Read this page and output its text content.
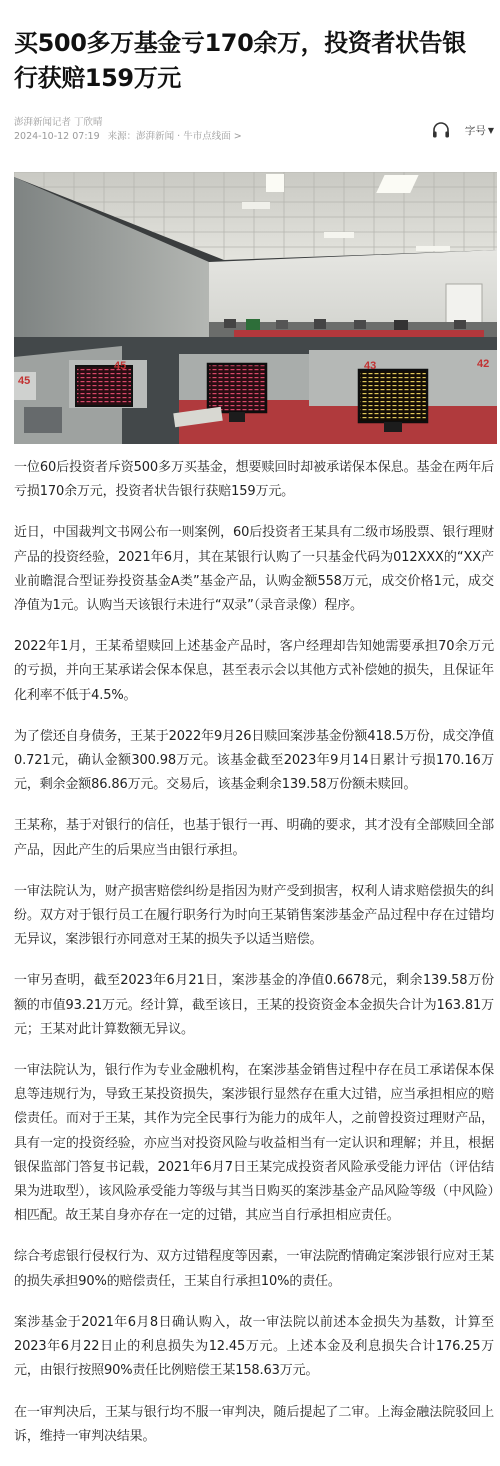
买500多万基金亏170余万，投资者状告银行获赔159万元
澎湃新闻记者 丁欣晴
2024-10-12 07:19 来源：澎湃新闻 · 牛市点线面 >	字号 ▼
45
45	43	42

一位60后投资者斥资500多万买基金，想要赎回时却被承诺保本保息。基金在两年后亏损170余万元，投资者状告银行获赔159万元。

近日，中国裁判文书网公布一则案例，60后投资者王某具有二级市场股票、银行理财产品的投资经验，2021年6月，其在某银行认购了一只基金代码为012XXX的“XX产业前瞻混合型证券投资基金A类”基金产品，认购金额558万元，成交价格1元，成交净值为1元。认购当天该银行未进行“双录”（录音录像）程序。

2022年1月，王某希望赎回上述基金产品时，客户经理却告知她需要承担70余万元的亏损，并向王某承诺会保本保息，甚至表示会以其他方式补偿她的损失，且保证年化利率不低于4.5%。

为了偿还自身债务，王某于2022年9月26日赎回案涉基金份额418.5万份，成交净值0.721元，确认金额300.98万元。该基金截至2023年9月14日累计亏损170.16万元，剩余金额86.86万元。交易后，该基金剩余139.58万份额未赎回。

王某称，基于对银行的信任，也基于银行一再、明确的要求，其才没有全部赎回全部产品，因此产生的后果应当由银行承担。

一审法院认为，财产损害赔偿纠纷是指因为财产受到损害，权利人请求赔偿损失的纠纷。双方对于银行员工在履行职务行为时向王某销售案涉基金产品过程中存在过错均无异议，案涉银行亦同意对王某的损失予以适当赔偿。

一审另查明，截至2023年6月21日，案涉基金的净值0.6678元，剩余139.58万份额的市值93.21万元。经计算，截至该日，王某的投资资金本金损失合计为163.81万元；王某对此计算数额无异议。

一审法院认为，银行作为专业金融机构，在案涉基金销售过程中存在员工承诺保本保息等违规行为，导致王某投资损失，案涉银行显然存在重大过错，应当承担相应的赔偿责任。而对于王某，其作为完全民事行为能力的成年人，之前曾投资过理财产品，具有一定的投资经验，亦应当对投资风险与收益相当有一定认识和理解；并且，根据银保监部门答复书记载，2021年6月7日王某完成投资者风险承受能力评估（评估结果为进取型），该风险承受能力等级与其当日购买的案涉基金产品风险等级（中风险）相匹配。故王某自身亦存在一定的过错，其应当自行承担相应责任。

综合考虑银行侵权行为、双方过错程度等因素，一审法院酌情确定案涉银行应对王某的损失承担90%的赔偿责任，王某自行承担10%的责任。

案涉基金于2021年6月8日确认购入，故一审法院以前述本金损失为基数，计算至2023年6月22日止的利息损失为12.45万元。上述本金及利息损失合计176.25万元，由银行按照90%责任比例赔偿王某158.63万元。

在一审判决后，王某与银行均不服一审判决，随后提起了二审。上海金融法院驳回上诉，维持一审判决结果。
